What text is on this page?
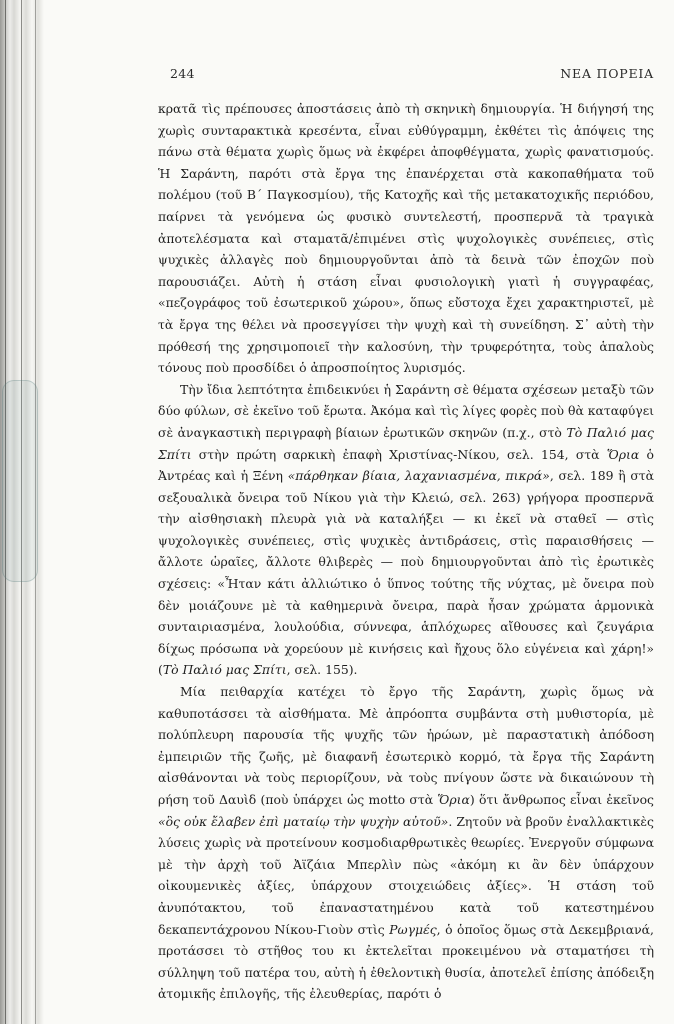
244	ΝΕΑ ΠΟΡΕΙΑ

κρατᾶ τὶς πρέπουσες ἀποστάσεις ἀπὸ τὴ σκηνικὴ δημιουργία. Ἡ διήγησή της χωρὶς συνταρακτικὰ κρεσέντα, εἶναι εὐθύγραμμη, ἐκθέτει τὶς ἀπόψεις της πάνω στὰ θέματα χωρὶς ὅμως νὰ ἐκφέρει ἀποφθέγματα, χωρὶς φανατισμούς. Ἡ Σαράντη, παρότι στὰ ἔργα της ἐπανέρχεται στὰ κακοπαθήματα τοῦ πολέμου (τοῦ Β´ Παγκοσμίου), τῆς Κατοχῆς καὶ τῆς μετακατοχικῆς περιόδου, παίρνει τὰ γενόμενα ὡς φυσικὸ συντελεστή, προσπερνᾶ τὰ τραγικὰ ἀποτελέσματα καὶ σταματᾶ/ἐπιμένει στὶς ψυχολογικὲς συνέπειες, στὶς ψυχικὲς ἀλλαγὲς ποὺ δημιουργοῦνται ἀπὸ τὰ δεινὰ τῶν ἐποχῶν ποὺ παρουσιάζει. Αὐτὴ ἡ στάση εἶναι φυσιολογικὴ γιατὶ ἡ συγγραφέας, «πεζογράφος τοῦ ἐσωτερικοῦ χώρου», ὅπως εὔστοχα ἔχει χαρακτηριστεῖ, μὲ τὰ ἔργα της θέλει νὰ προσεγγίσει τὴν ψυχὴ καὶ τὴ συνείδηση. Σ᾽ αὐτὴ τὴν πρόθεσή της χρησιμοποιεῖ τὴν καλοσύνη, τὴν τρυφερότητα, τοὺς ἁπαλοὺς τόνους ποὺ προσδίδει ὁ ἀπροσποίητος λυρισμός.

Τὴν ἴδια λεπτότητα ἐπιδεικνύει ἡ Σαράντη σὲ θέματα σχέσεων μεταξὺ τῶν δύο φύλων, σὲ ἐκεῖνο τοῦ ἔρωτα. Ἀκόμα καὶ τὶς λίγες φορὲς ποὺ θὰ καταφύγει σὲ ἀναγκαστικὴ περιγραφὴ βίαιων ἐρωτικῶν σκηνῶν (π.χ., στὸ Τὸ Παλιό μας Σπίτι στὴν πρώτη σαρκικὴ ἐπαφὴ Χριστίνας-Νίκου, σελ. 154, στὰ Ὅρια ὁ Ἀντρέας καὶ ἡ Ξένη «πάρθηκαν βίαια, λαχανιασμένα, πικρά», σελ. 189 ἢ στὰ σεξουαλικὰ ὄνειρα τοῦ Νίκου γιὰ τὴν Κλειώ, σελ. 263) γρήγορα προσπερνᾶ τὴν αἰσθησιακὴ πλευρὰ γιὰ νὰ καταλήξει — κι ἐκεῖ νὰ σταθεῖ — στὶς ψυχολογικὲς συνέπειες, στὶς ψυχικὲς ἀντιδράσεις, στὶς παραισθήσεις — ἄλλοτε ὡραῖες, ἄλλοτε θλιβερὲς — ποὺ δημιουργοῦνται ἀπὸ τὶς ἐρωτικὲς σχέσεις: «Ἦταν κάτι ἀλλιώτικο ὁ ὕπνος τούτης τῆς νύχτας, μὲ ὄνειρα ποὺ δὲν μοιάζουνε μὲ τὰ καθημερινὰ ὄνειρα, παρὰ ἦσαν χρώματα ἁρμονικὰ συνταιριασμένα, λουλούδια, σύννεφα, ἁπλόχωρες αἴθουσες καὶ ζευγάρια δίχως πρόσωπα νὰ χορεύουν μὲ κινήσεις καὶ ἤχους ὅλο εὐγένεια καὶ χάρη!» (Τὸ Παλιό μας Σπίτι, σελ. 155).

Μία πειθαρχία κατέχει τὸ ἔργο τῆς Σαράντη, χωρὶς ὅμως νὰ καθυποτάσσει τὰ αἰσθήματα. Μὲ ἀπρόοπτα συμβάντα στὴ μυθιστορία, μὲ πολύπλευρη παρουσία τῆς ψυχῆς τῶν ἡρώων, μὲ παραστατικὴ ἀπόδοση ἐμπειριῶν τῆς ζωῆς, μὲ διαφανῆ ἐσωτερικὸ κορμό, τὰ ἔργα τῆς Σαράντη αἰσθάνονται νὰ τοὺς περιορίζουν, νὰ τοὺς πνίγουν ὥστε νὰ δικαιώνουν τὴ ρήση τοῦ Δαυὶδ (ποὺ ὑπάρχει ὡς motto στὰ Ὅρια) ὅτι ἄνθρωπος εἶναι ἐκεῖνος «ὃς οὐκ ἔλαβεν ἐπὶ ματαίῳ τὴν ψυχὴν αὐτοῦ». Ζητοῦν νὰ βροῦν ἐναλλακτικὲς λύσεις χωρὶς νὰ προτείνουν κοσμοδιαρθρωτικὲς θεωρίες. Ἐνεργοῦν σύμφωνα μὲ τὴν ἀρχὴ τοῦ Ἀϊζάια Μπερλὶν πὼς «ἀκόμη κι ἂν δὲν ὑπάρχουν οἰκουμενικὲς ἀξίες, ὑπάρχουν στοιχειώδεις ἀξίες». Ἡ στάση τοῦ ἀνυπότακτου, τοῦ ἐπαναστατημένου κατὰ τοῦ κατεστημένου δεκαπεντάχρονου Νίκου-Γιοὺν στὶς Ρωγμές, ὁ ὁποῖος ὅμως στὰ Δεκεμβριανά, προτάσσει τὸ στῆθος του κι ἐκτελεῖται προκειμένου νὰ σταματήσει τὴ σύλληψη τοῦ πατέρα του, αὐτὴ ἡ ἐθελοντικὴ θυσία, ἀποτελεῖ ἐπίσης ἀπόδειξη ἀτομικῆς ἐπιλογῆς, τῆς ἐλευθερίας, παρότι ὁ
